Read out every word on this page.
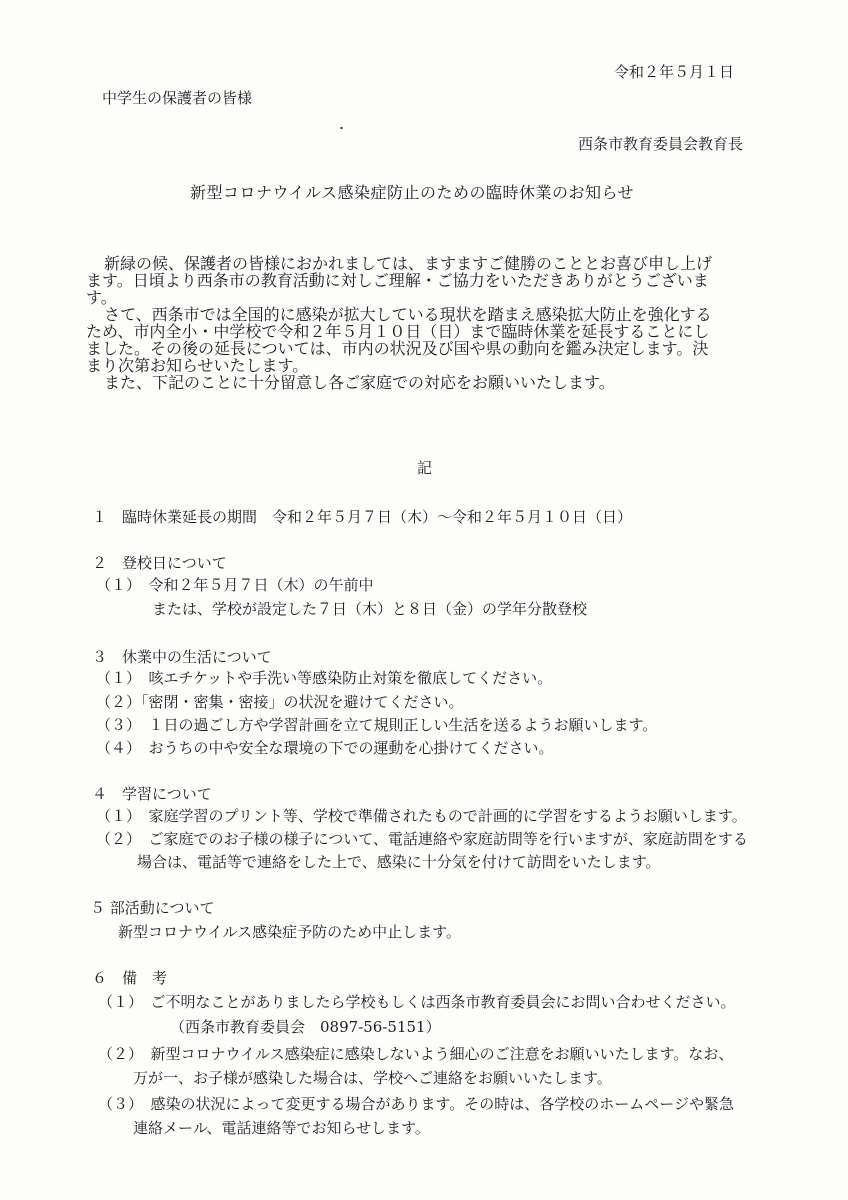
令和２年５月１日
中学生の保護者の皆様
西条市教育委員会教育長
新型コロナウイルス感染症防止のための臨時休業のお知らせ
新緑の候、保護者の皆様におかれましては、ますますご健勝のこととお喜び申し上げ
ます。日頃より西条市の教育活動に対しご理解・ご協力をいただきありがとうございま
す。
さて、西条市では全国的に感染が拡大している現状を踏まえ感染拡大防止を強化する
ため、市内全小・中学校で令和２年５月１０日（日）まで臨時休業を延長することにし
ました。その後の延長については、市内の状況及び国や県の動向を鑑み決定します。決
まり次第お知らせいたします。
また、下記のことに十分留意し各ご家庭での対応をお願いいたします。
記
１　臨時休業延長の期間　令和２年５月７日（木）～令和２年５月１０日（日）
２　登校日について
（１）　令和２年５月７日（木）の午前中
または、学校が設定した７日（木）と８日（金）の学年分散登校
３　休業中の生活について
（１）　咳エチケットや手洗い等感染防止対策を徹底してください。
（２）「密閉・密集・密接」の状況を避けてください。
（３）　１日の過ごし方や学習計画を立て規則正しい生活を送るようお願いします。
（４）　おうちの中や安全な環境の下での運動を心掛けてください。
４　学習について
（１）　家庭学習のプリント等、学校で準備されたもので計画的に学習をするようお願いします。
（２）　ご家庭でのお子様の様子について、電話連絡や家庭訪問等を行いますが、家庭訪問をする
場合は、電話等で連絡をした上で、感染に十分気を付けて訪問をいたします。
５ 部活動について
新型コロナウイルス感染症予防のため中止します。
６　備　考
（１）　ご不明なことがありましたら学校もしくは西条市教育委員会にお問い合わせください。
（西条市教育委員会　0897-56-5151）
（２）　新型コロナウイルス感染症に感染しないよう細心のご注意をお願いいたします。なお、
万が一、お子様が感染した場合は、学校へご連絡をお願いいたします。
（３）　感染の状況によって変更する場合があります。その時は、各学校のホームページや緊急
連絡メール、電話連絡等でお知らせします。
